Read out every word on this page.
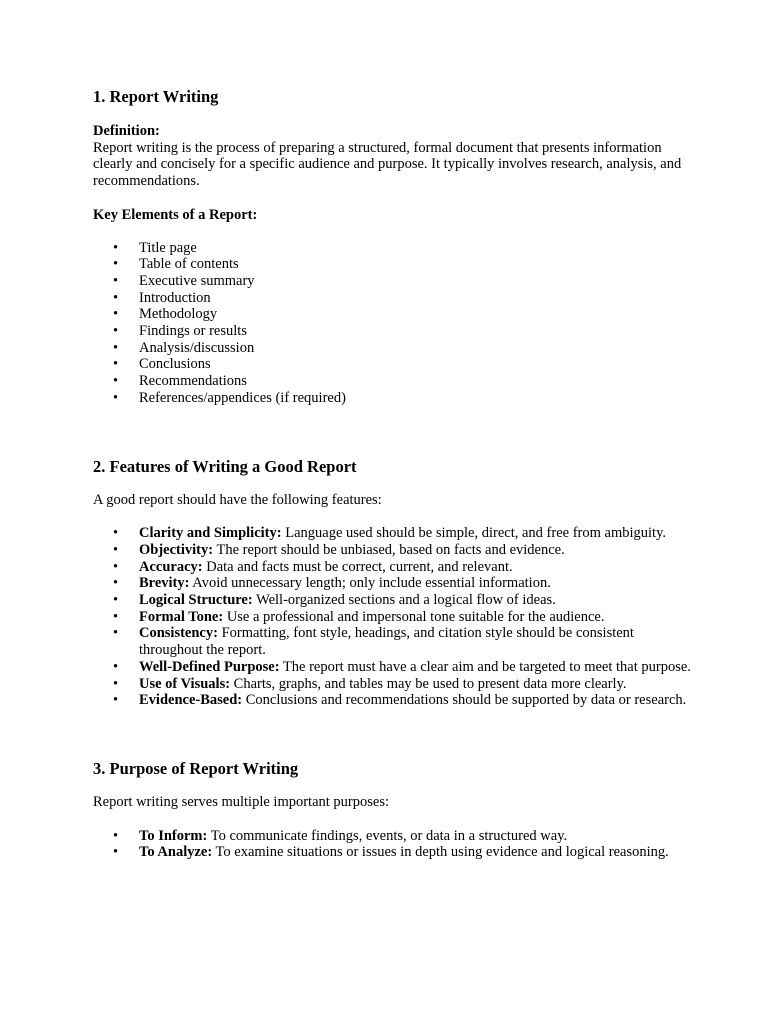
1. Report Writing

Definition:
Report writing is the process of preparing a structured, formal document that presents information clearly and concisely for a specific audience and purpose. It typically involves research, analysis, and recommendations.

Key Elements of a Report:

• Title page
• Table of contents
• Executive summary
• Introduction
• Methodology
• Findings or results
• Analysis/discussion
• Conclusions
• Recommendations
• References/appendices (if required)
2. Features of Writing a Good Report

A good report should have the following features:

• Clarity and Simplicity: Language used should be simple, direct, and free from ambiguity.
• Objectivity: The report should be unbiased, based on facts and evidence.
• Accuracy: Data and facts must be correct, current, and relevant.
• Brevity: Avoid unnecessary length; only include essential information.
• Logical Structure: Well-organized sections and a logical flow of ideas.
• Formal Tone: Use a professional and impersonal tone suitable for the audience.
• Consistency: Formatting, font style, headings, and citation style should be consistent throughout the report.
• Well-Defined Purpose: The report must have a clear aim and be targeted to meet that purpose.
• Use of Visuals: Charts, graphs, and tables may be used to present data more clearly.
• Evidence-Based: Conclusions and recommendations should be supported by data or research.
3. Purpose of Report Writing

Report writing serves multiple important purposes:

• To Inform: To communicate findings, events, or data in a structured way.
• To Analyze: To examine situations or issues in depth using evidence and logical reasoning.
